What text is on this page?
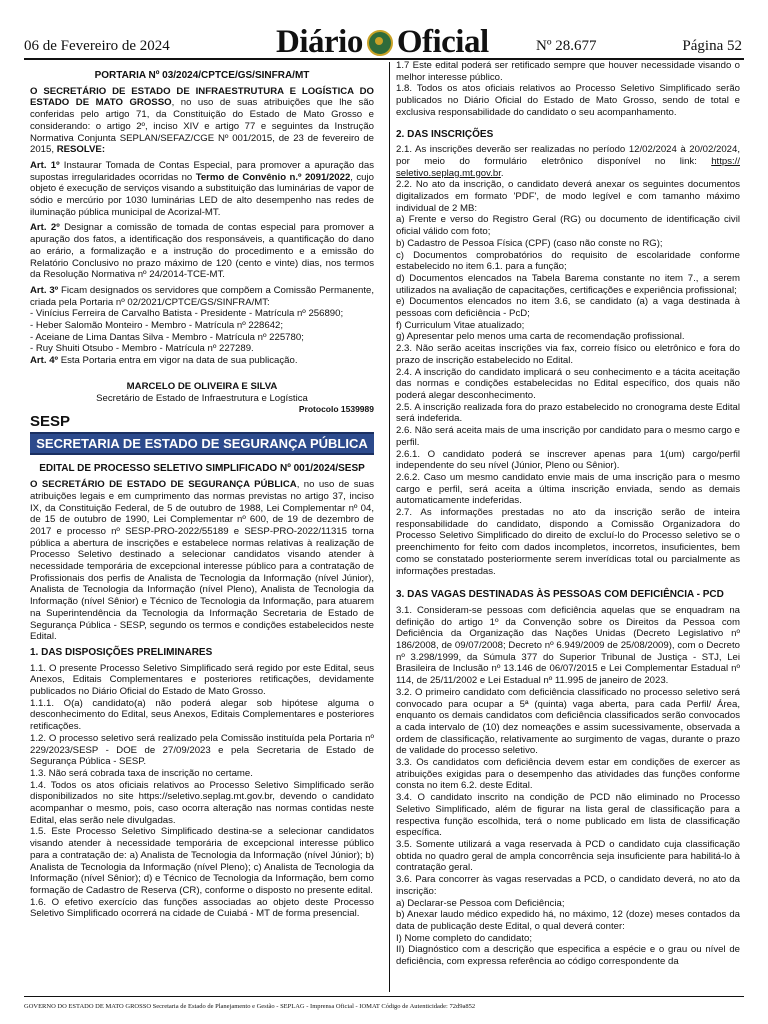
06 de Fevereiro de 2024	Diário Oficial	Nº 28.677	Página 52

PORTARIA Nº 03/2024/CPTCE/GS/SINFRA/MT

O SECRETÁRIO DE ESTADO DE INFRAESTRUTURA E LOGÍSTICA DO ESTADO DE MATO GROSSO, no uso de suas atribuições que lhe são conferidas pelo artigo 71, da Constituição do Estado de Mato Grosso e considerando: o artigo 2º, inciso XIV e artigo 77 e seguintes da Instrução Normativa Conjunta SEPLAN/SEFAZ/CGE Nº 001/2015, de 23 de fevereiro de 2015, RESOLVE:

Art. 1º Instaurar Tomada de Contas Especial, para promover a apuração das supostas irregularidades ocorridas no Termo de Convênio n.º 2091/2022, cujo objeto é execução de serviços visando a substituição das luminárias de vapor de sódio e mercúrio por 1030 luminárias LED de alto desempenho nas redes de iluminação pública municipal de Acorizal-MT.

Art. 2º Designar a comissão de tomada de contas especial para promover a apuração dos fatos, a identificação dos responsáveis, a quantificação do dano ao erário, a formalização e a instrução do procedimento e a emissão do Relatório Conclusivo no prazo máximo de 120 (cento e vinte) dias, nos termos da Resolução Normativa nº 24/2014-TCE-MT.

Art. 3º Ficam designados os servidores que compõem a Comissão Permanente, criada pela Portaria nº 02/2021/CPTCE/GS/SINFRA/MT:

- Vinícius Ferreira de Carvalho Batista - Presidente - Matrícula nº 256890;

- Heber Salomão Monteiro - Membro - Matrícula nº 228642;

- Aceiane de Lima Dantas Silva - Membro - Matrícula nº 225780;

- Ruy Shuiti Otsubo - Membro - Matrícula nº 227289.

Art. 4º Esta Portaria entra em vigor na data de sua publicação.

MARCELO DE OLIVEIRA E SILVA

Secretário de Estado de Infraestrutura e Logística

Protocolo 1539989

SESP

SECRETARIA DE ESTADO DE SEGURANÇA PÚBLICA

EDITAL DE PROCESSO SELETIVO SIMPLIFICADO Nº 001/2024/SESP

O SECRETÁRIO DE ESTADO DE SEGURANÇA PÚBLICA, no uso de suas atribuições legais e em cumprimento das normas previstas no artigo 37, inciso IX, da Constituição Federal, de 5 de outubro de 1988, Lei Complementar nº 04, de 15 de outubro de 1990, Lei Complementar nº 600, de 19 de dezembro de 2017 e processo nº SESP-PRO-2022/55189 e SESP-PRO-2022/11315 torna pública a abertura de inscrições e estabelece normas relativas à realização de Processo Seletivo destinado a selecionar candidatos visando atender à necessidade temporária de excepcional interesse público para a contratação de Profissionais dos perfis de Analista de Tecnologia da Informação (nível Júnior), Analista de Tecnologia da Informação (nível Pleno), Analista de Tecnologia da Informação (nível Sênior) e Técnico de Tecnologia da Informação, para atuarem na Superintendência da Tecnologia da Informação Secretaria de Estado de Segurança Pública - SESP, segundo os termos e condições estabelecidos neste Edital.

1. DAS DISPOSIÇÕES PRELIMINARES

1.1. O presente Processo Seletivo Simplificado será regido por este Edital, seus Anexos, Editais Complementares e posteriores retificações, devidamente publicados no Diário Oficial do Estado de Mato Grosso.

1.1.1. O(a) candidato(a) não poderá alegar sob hipótese alguma o desconhecimento do Edital, seus Anexos, Editais Complementares e posteriores retificações.

1.2. O processo seletivo será realizado pela Comissão instituída pela Portaria nº 229/2023/SESP - DOE de 27/09/2023 e pela Secretaria de Estado de Segurança Pública - SESP.

1.3. Não será cobrada taxa de inscrição no certame.

1.4. Todos os atos oficiais relativos ao Processo Seletivo Simplificado serão disponibilizados no site https://seletivo.seplag.mt.gov.br, devendo o candidato acompanhar o mesmo, pois, caso ocorra alteração nas normas contidas neste Edital, elas serão nele divulgadas.

1.5. Este Processo Seletivo Simplificado destina-se a selecionar candidatos visando atender à necessidade temporária de excepcional interesse público para a contratação de: a) Analista de Tecnologia da Informação (nível Júnior); b) Analista de Tecnologia da Informação (nível Pleno); c) Analista de Tecnologia da Informação (nível Sênior); d) e Técnico de Tecnologia da Informação, bem como formação de Cadastro de Reserva (CR), conforme o disposto no presente edital.

1.6. O efetivo exercício das funções associadas ao objeto deste Processo Seletivo Simplificado ocorrerá na cidade de Cuiabá - MT de forma presencial.

1.7 Este edital poderá ser retificado sempre que houver necessidade visando o melhor interesse público.

1.8. Todos os atos oficiais relativos ao Processo Seletivo Simplificado serão publicados no Diário Oficial do Estado de Mato Grosso, sendo de total e exclusiva responsabilidade do candidato o seu acompanhamento.

2. DAS INSCRIÇÕES

2.1. As inscrições deverão ser realizadas no período 12/02/2024 à 20/02/2024, por meio do formulário eletrônico disponível no link: https:// seletivo.seplag.mt.gov.br.

2.2. No ato da inscrição, o candidato deverá anexar os seguintes documentos digitalizados em formato 'PDF', de modo legível e com tamanho máximo individual de 2 MB:

a) Frente e verso do Registro Geral (RG) ou documento de identificação civil oficial válido com foto;

b) Cadastro de Pessoa Física (CPF) (caso não conste no RG);

c) Documentos comprobatórios do requisito de escolaridade conforme estabelecido no item 6.1. para a função;

d) Documentos elencados na Tabela Barema constante no item 7., a serem utilizados na avaliação de capacitações, certificações e experiência profissional;

e) Documentos elencados no item 3.6, se candidato (a) a vaga destinada à pessoas com deficiência - PcD;

f) Curriculum Vitae atualizado;

g) Apresentar pelo menos uma carta de recomendação profissional.

2.3. Não serão aceitas inscrições via fax, correio físico ou eletrônico e fora do prazo de inscrição estabelecido no Edital.

2.4. A inscrição do candidato implicará o seu conhecimento e a tácita aceitação das normas e condições estabelecidas no Edital específico, dos quais não poderá alegar desconhecimento.

2.5. A inscrição realizada fora do prazo estabelecido no cronograma deste Edital será indeferida.

2.6. Não será aceita mais de uma inscrição por candidato para o mesmo cargo e perfil.

2.6.1. O candidato poderá se inscrever apenas para 1(um) cargo/perfil independente do seu nível (Júnior, Pleno ou Sênior).

2.6.2. Caso um mesmo candidato envie mais de uma inscrição para o mesmo cargo e perfil, será aceita a última inscrição enviada, sendo as demais automaticamente indeferidas.

2.7. As informações prestadas no ato da inscrição serão de inteira responsabilidade do candidato, dispondo a Comissão Organizadora do Processo Seletivo Simplificado do direito de excluí-lo do Processo seletivo se o preenchimento for feito com dados incompletos, incorretos, insuficientes, bem como se constatado posteriormente serem inverídicas total ou parcialmente as informações prestadas.

3. DAS VAGAS DESTINADAS ÀS PESSOAS COM DEFICIÊNCIA - PCD

3.1. Consideram-se pessoas com deficiência aquelas que se enquadram na definição do artigo 1º da Convenção sobre os Direitos da Pessoa com Deficiência da Organização das Nações Unidas (Decreto Legislativo nº 186/2008, de 09/07/2008; Decreto nº 6.949/2009 de 25/08/2009), com o Decreto nº 3.298/1999, da Súmula 377 do Superior Tribunal de Justiça - STJ, Lei Brasileira de Inclusão nº 13.146 de 06/07/2015 e Lei Complementar Estadual nº 114, de 25/11/2002 e Lei Estadual nº 11.995 de janeiro de 2023.

3.2. O primeiro candidato com deficiência classificado no processo seletivo será convocado para ocupar a 5ª (quinta) vaga aberta, para cada Perfil/ Área, enquanto os demais candidatos com deficiência classificados serão convocados a cada intervalo de (10) dez nomeações e assim sucessivamente, observada a ordem de classificação, relativamente ao surgimento de vagas, durante o prazo de validade do processo seletivo.

3.3. Os candidatos com deficiência devem estar em condições de exercer as atribuições exigidas para o desempenho das atividades das funções conforme consta no item 6.2. deste Edital.

3.4. O candidato inscrito na condição de PCD não eliminado no Processo Seletivo Simplificado, além de figurar na lista geral de classificação para a respectiva função escolhida, terá o nome publicado em lista de classificação específica.

3.5. Somente utilizará a vaga reservada à PCD o candidato cuja classificação obtida no quadro geral de ampla concorrência seja insuficiente para habilitá-lo à contratação geral.

3.6. Para concorrer às vagas reservadas a PCD, o candidato deverá, no ato da inscrição:

a) Declarar-se Pessoa com Deficiência;

b) Anexar laudo médico expedido há, no máximo, 12 (doze) meses contados da data de publicação deste Edital, o qual deverá conter:

I) Nome completo do candidato;

II) Diagnóstico com a descrição que especifica a espécie e o grau ou nível de deficiência, com expressa referência ao código correspondente da

GOVERNO DO ESTADO DE MATO GROSSO Secretaria de Estado de Planejamento e Gestão - SEPLAG - Imprensa Oficial - IOMAT Código de Autenticidade: 72d9a852
